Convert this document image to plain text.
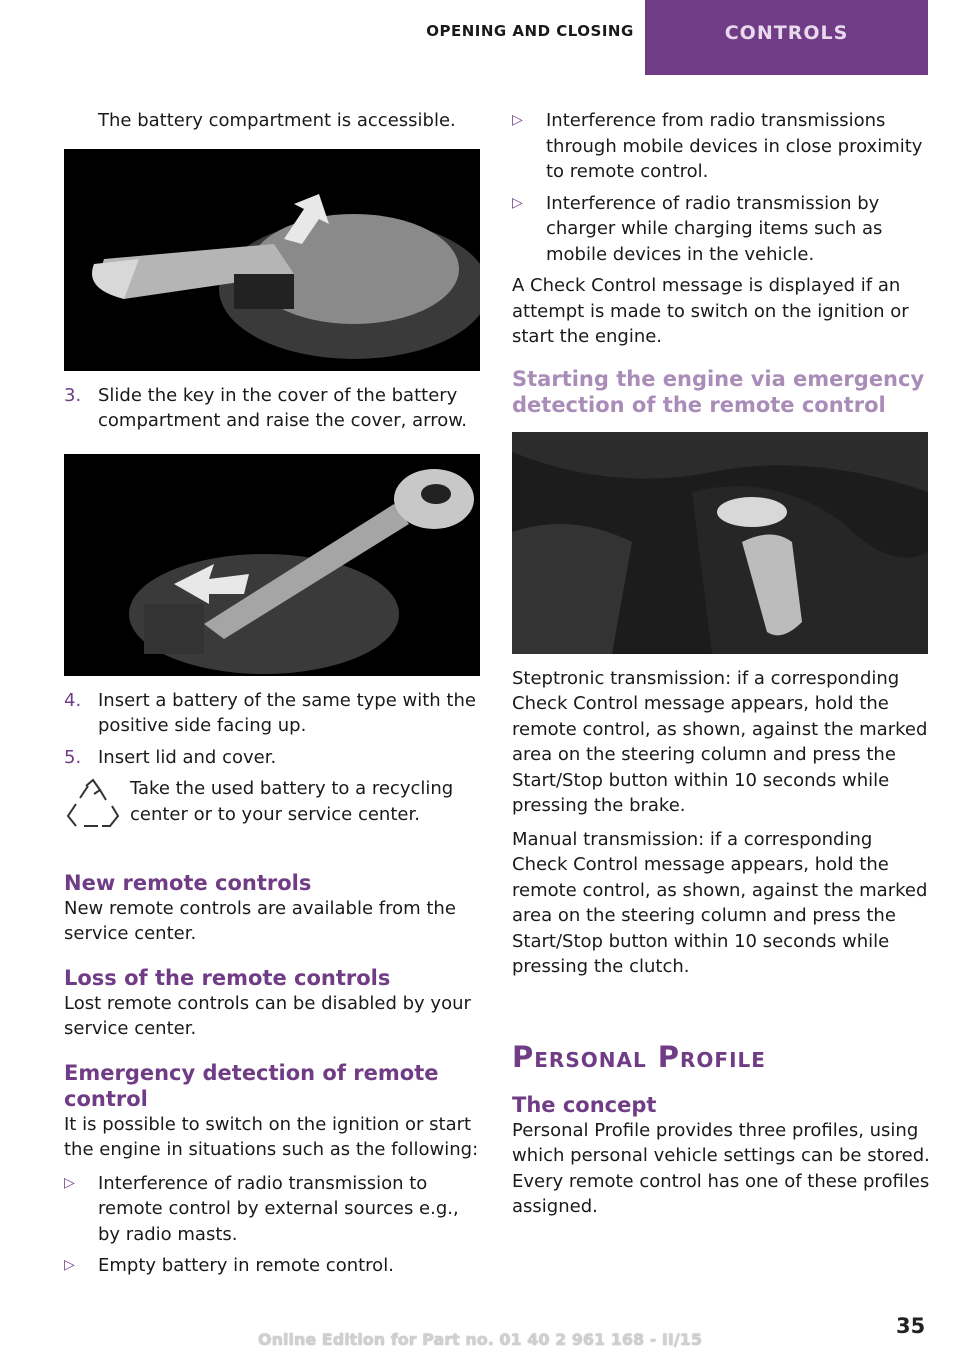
OPENING AND CLOSING	CONTROLS

The battery compartment is accessible.

3. Slide the key in the cover of the battery compartment and raise the cover, arrow.
4. Insert a battery of the same type with the positive side facing up.
5. Insert lid and cover.

Take the used battery to a recycling center or to your service center.

New remote controls

New remote controls are available from the service center.

Loss of the remote controls

Lost remote controls can be disabled by your service center.

Emergency detection of remote control

It is possible to switch on the ignition or start the engine in situations such as the following:

▷	Interference of radio transmission to remote control by external sources e.g., by radio masts.
▷	Empty battery in remote control.
▷	Interference from radio transmissions through mobile devices in close proximity to remote control.
▷	Interference of radio transmission by charger while charging items such as mobile devices in the vehicle.

A Check Control message is displayed if an attempt is made to switch on the ignition or start the engine.

Starting the engine via emergency detection of the remote control

Steptronic transmission: if a corresponding Check Control message appears, hold the remote control, as shown, against the marked area on the steering column and press the Start/Stop button within 10 seconds while pressing the brake.

Manual transmission: if a corresponding Check Control message appears, hold the remote control, as shown, against the marked area on the steering column and press the Start/Stop button within 10 seconds while pressing the clutch.

Personal Profile
The concept

Personal Profile provides three profiles, using which personal vehicle settings can be stored. Every remote control has one of these profiles assigned.

Online Edition for Part no. 01 40 2 961 168 - II/15
35
